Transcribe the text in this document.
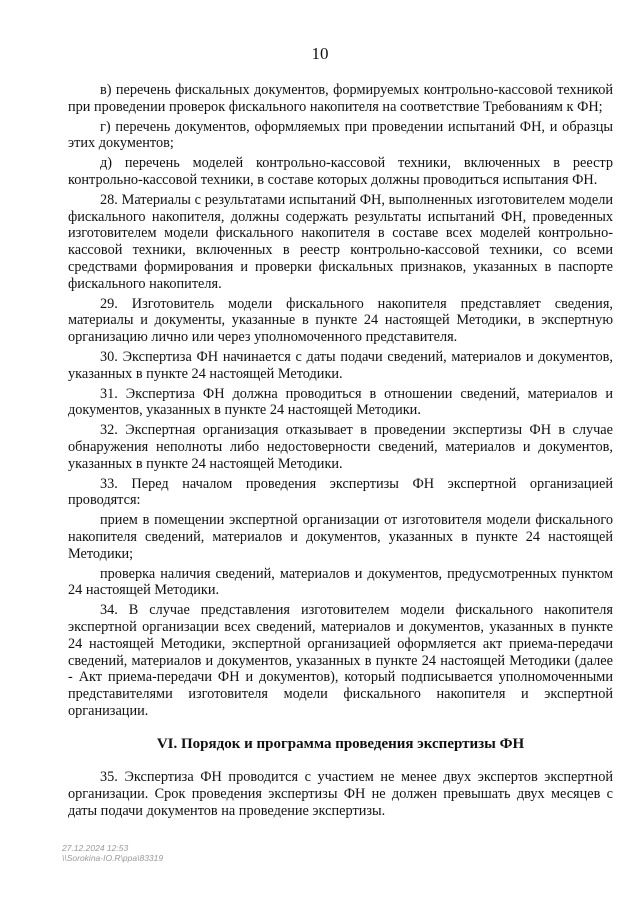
10

в) перечень фискальных документов, формируемых контрольно-кассовой техникой при проведении проверок фискального накопителя на соответствие Требованиям к ФН;

г) перечень документов, оформляемых при проведении испытаний ФН, и образцы этих документов;

д) перечень моделей контрольно-кассовой техники, включенных в реестр контрольно-кассовой техники, в составе которых должны проводиться испытания ФН.

28. Материалы с результатами испытаний ФН, выполненных изготовителем модели фискального накопителя, должны содержать результаты испытаний ФН, проведенных изготовителем модели фискального накопителя в составе всех моделей контрольно-кассовой техники, включенных в реестр контрольно-кассовой техники, со всеми средствами формирования и проверки фискальных признаков, указанных в паспорте фискального накопителя.

29. Изготовитель модели фискального накопителя представляет сведения, материалы и документы, указанные в пункте 24 настоящей Методики, в экспертную организацию лично или через уполномоченного представителя.

30. Экспертиза ФН начинается с даты подачи сведений, материалов и документов, указанных в пункте 24 настоящей Методики.

31. Экспертиза ФН должна проводиться в отношении сведений, материалов и документов, указанных в пункте 24 настоящей Методики.

32. Экспертная организация отказывает в проведении экспертизы ФН в случае обнаружения неполноты либо недостоверности сведений, материалов и документов, указанных в пункте 24 настоящей Методики.

33. Перед началом проведения экспертизы ФН экспертной организацией проводятся:

прием в помещении экспертной организации от изготовителя модели фискального накопителя сведений, материалов и документов, указанных в пункте 24 настоящей Методики;

проверка наличия сведений, материалов и документов, предусмотренных пунктом 24 настоящей Методики.

34. В случае представления изготовителем модели фискального накопителя экспертной организации всех сведений, материалов и документов, указанных в пункте 24 настоящей Методики, экспертной организацией оформляется акт приема-передачи сведений, материалов и документов, указанных в пункте 24 настоящей Методики (далее - Акт приема-передачи ФН и документов), который подписывается уполномоченными представителями изготовителя модели фискального накопителя и экспертной организации.

VI. Порядок и программа проведения экспертизы ФН

35. Экспертиза ФН проводится с участием не менее двух экспертов экспертной организации. Срок проведения экспертизы ФН не должен превышать двух месяцев с даты подачи документов на проведение экспертизы.

27.12.2024 12:53
\\Sorokina-IO.R\ppa\83319
